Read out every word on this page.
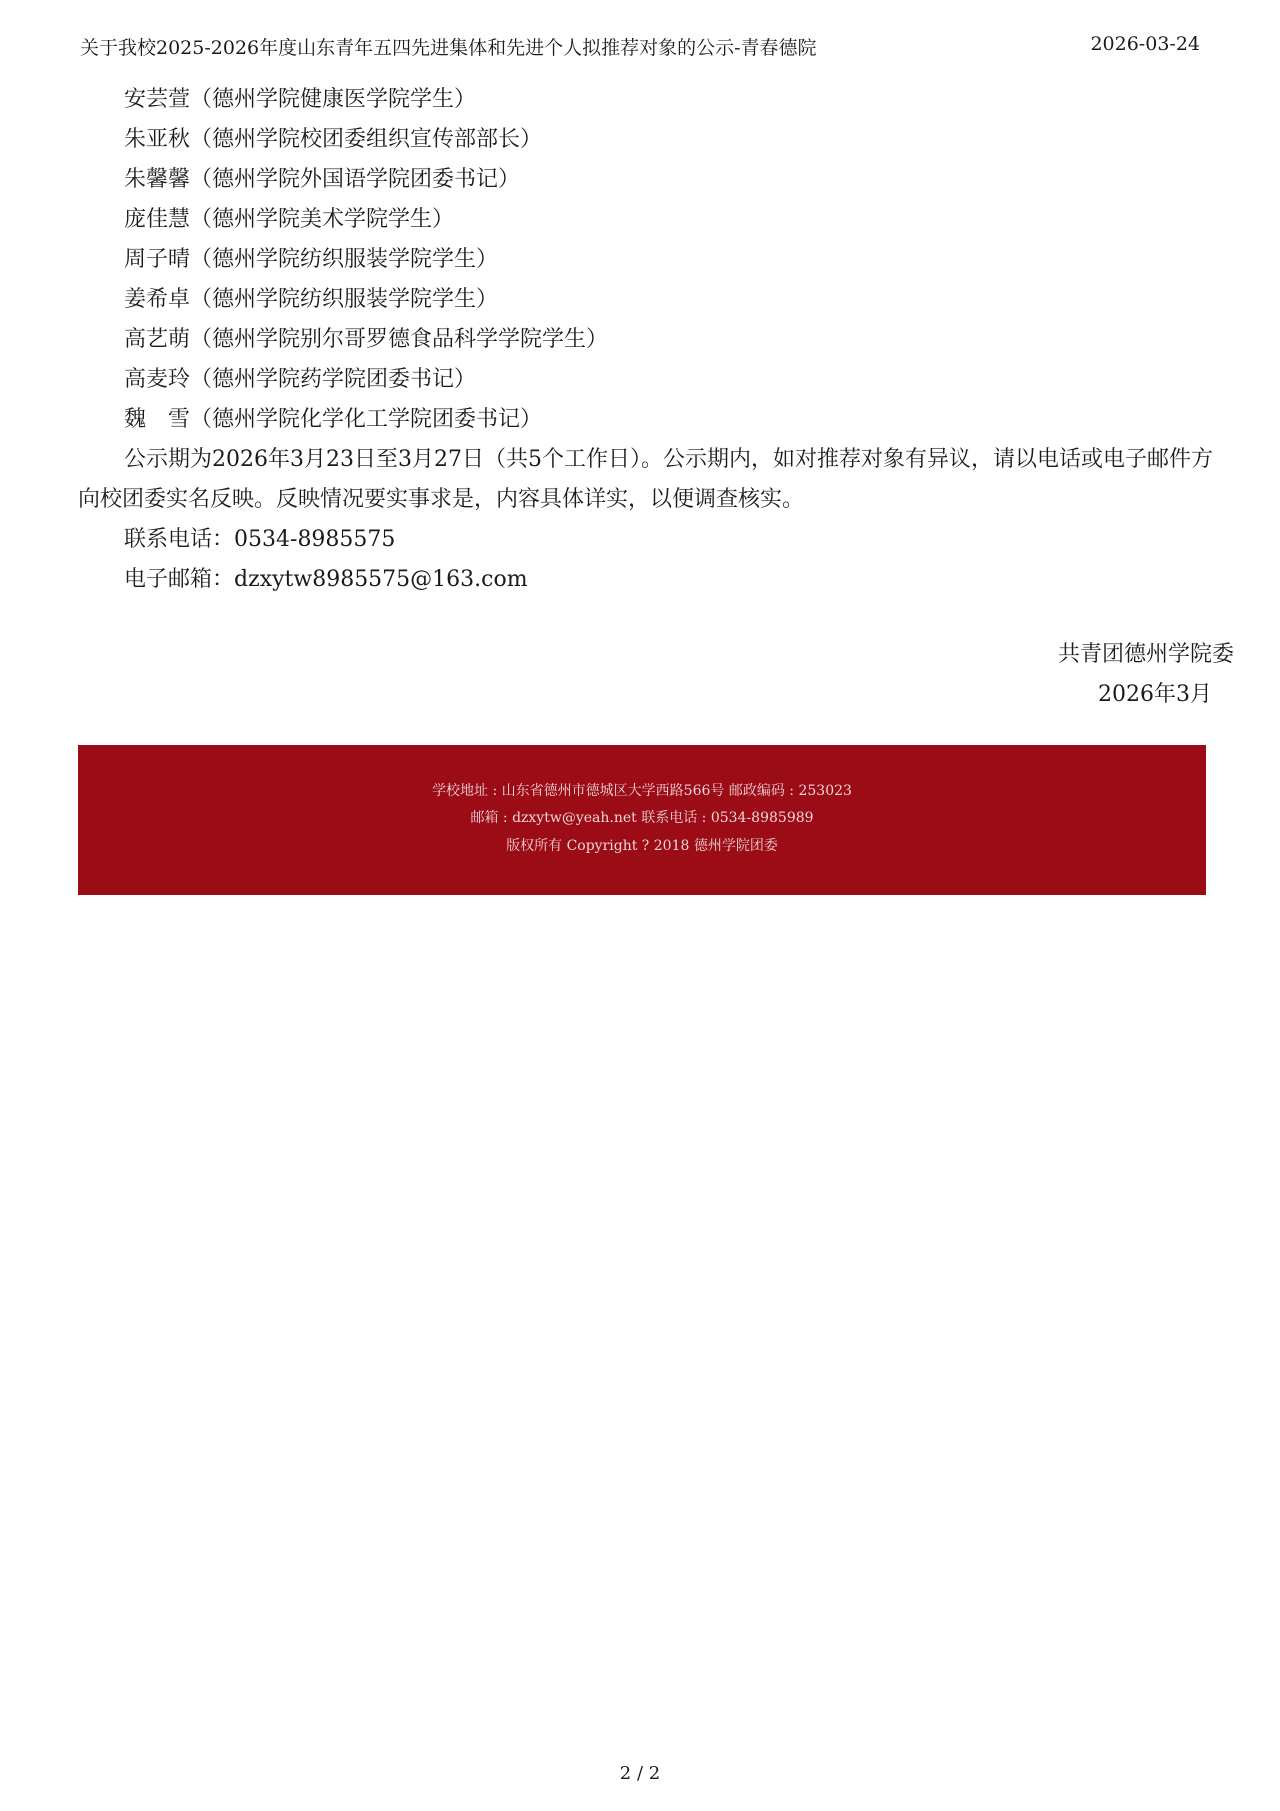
关于我校2025-2026年度山东青年五四先进集体和先进个人拟推荐对象的公示-青春德院	2026-03-24
安芸萱（德州学院健康医学院学生）
朱亚秋（德州学院校团委组织宣传部部长）
朱馨馨（德州学院外国语学院团委书记）
庞佳慧（德州学院美术学院学生）
周子晴（德州学院纺织服装学院学生）
姜希卓（德州学院纺织服装学院学生）
高艺萌（德州学院别尔哥罗德食品科学学院学生）
高麦玲（德州学院药学院团委书记）
魏　雪（德州学院化学化工学院团委书记）

公示期为2026年3月23日至3月27日（共5个工作日）。公示期内，如对推荐对象有异议，请以电话或电子邮件方

向校团委实名反映。反映情况要实事求是，内容具体详实，以便调查核实。

联系电话：0534-8985575

电子邮箱：dzxytw8985575@163.com

共青团德州学院委
2026年3月
学校地址 : 山东省德州市德城区大学西路566号 邮政编码 : 253023
邮箱 : dzxytw@yeah.net 联系电话 : 0534-8985989
版权所有 Copyright ? 2018 德州学院团委
2 / 2
